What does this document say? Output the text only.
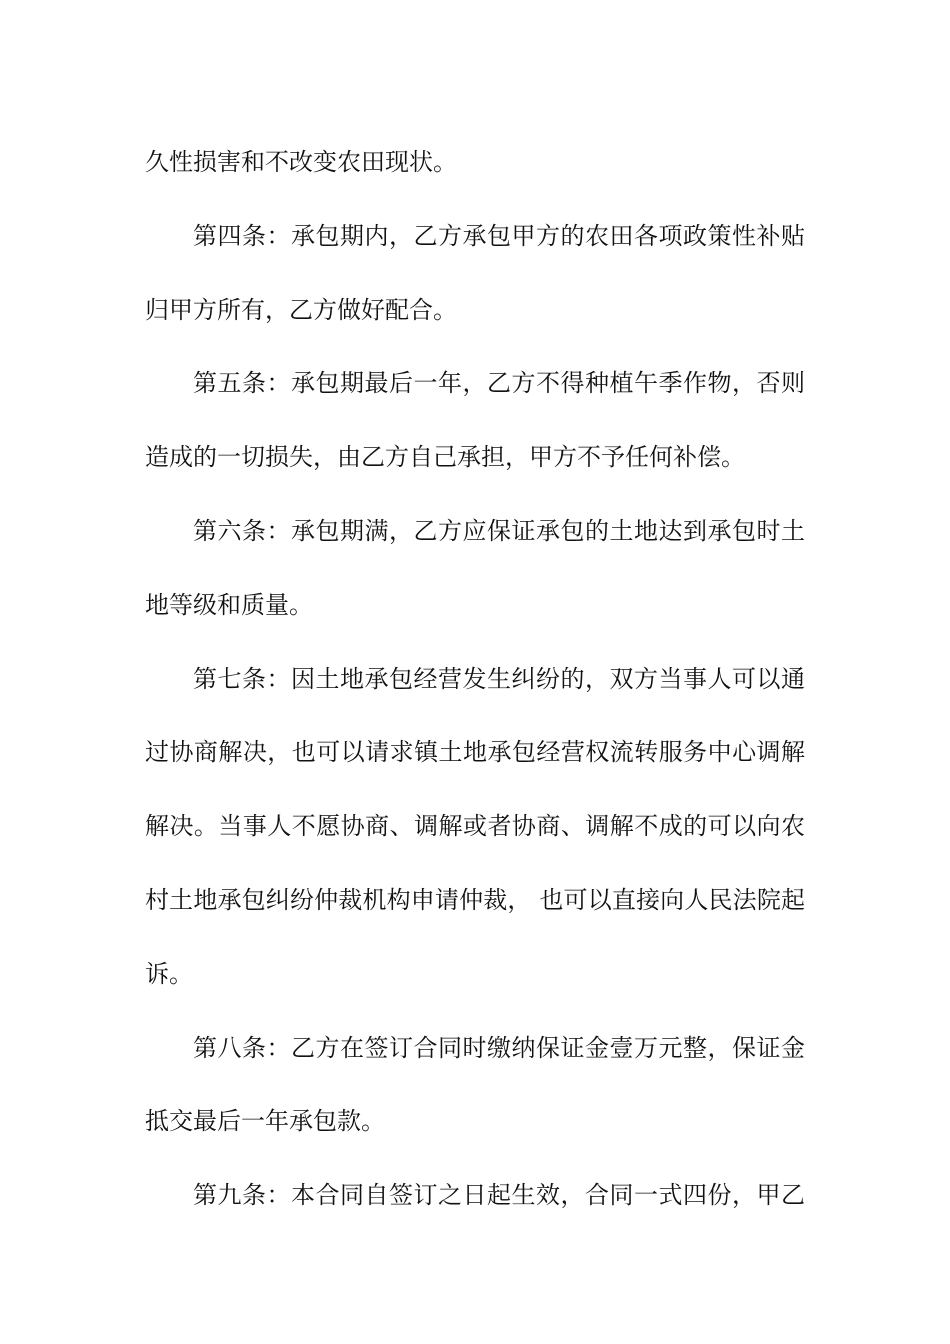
久性损害和不改变农田现状。
第四条：承包期内，乙方承包甲方的农田各项政策性补贴
归甲方所有，乙方做好配合。
第五条：承包期最后一年，乙方不得种植午季作物，否则
造成的一切损失，由乙方自己承担，甲方不予任何补偿。
第六条：承包期满，乙方应保证承包的土地达到承包时土
地等级和质量。
第七条：因土地承包经营发生纠纷的，双方当事人可以通
过协商解决，也可以请求镇土地承包经营权流转服务中心调解
解决。当事人不愿协商、调解或者协商、调解不成的可以向农
村土地承包纠纷仲裁机构申请仲裁， 也可以直接向人民法院起
诉。
第八条：乙方在签订合同时缴纳保证金壹万元整，保证金
抵交最后一年承包款。
第九条：本合同自签订之日起生效，合同一式四份，甲乙
